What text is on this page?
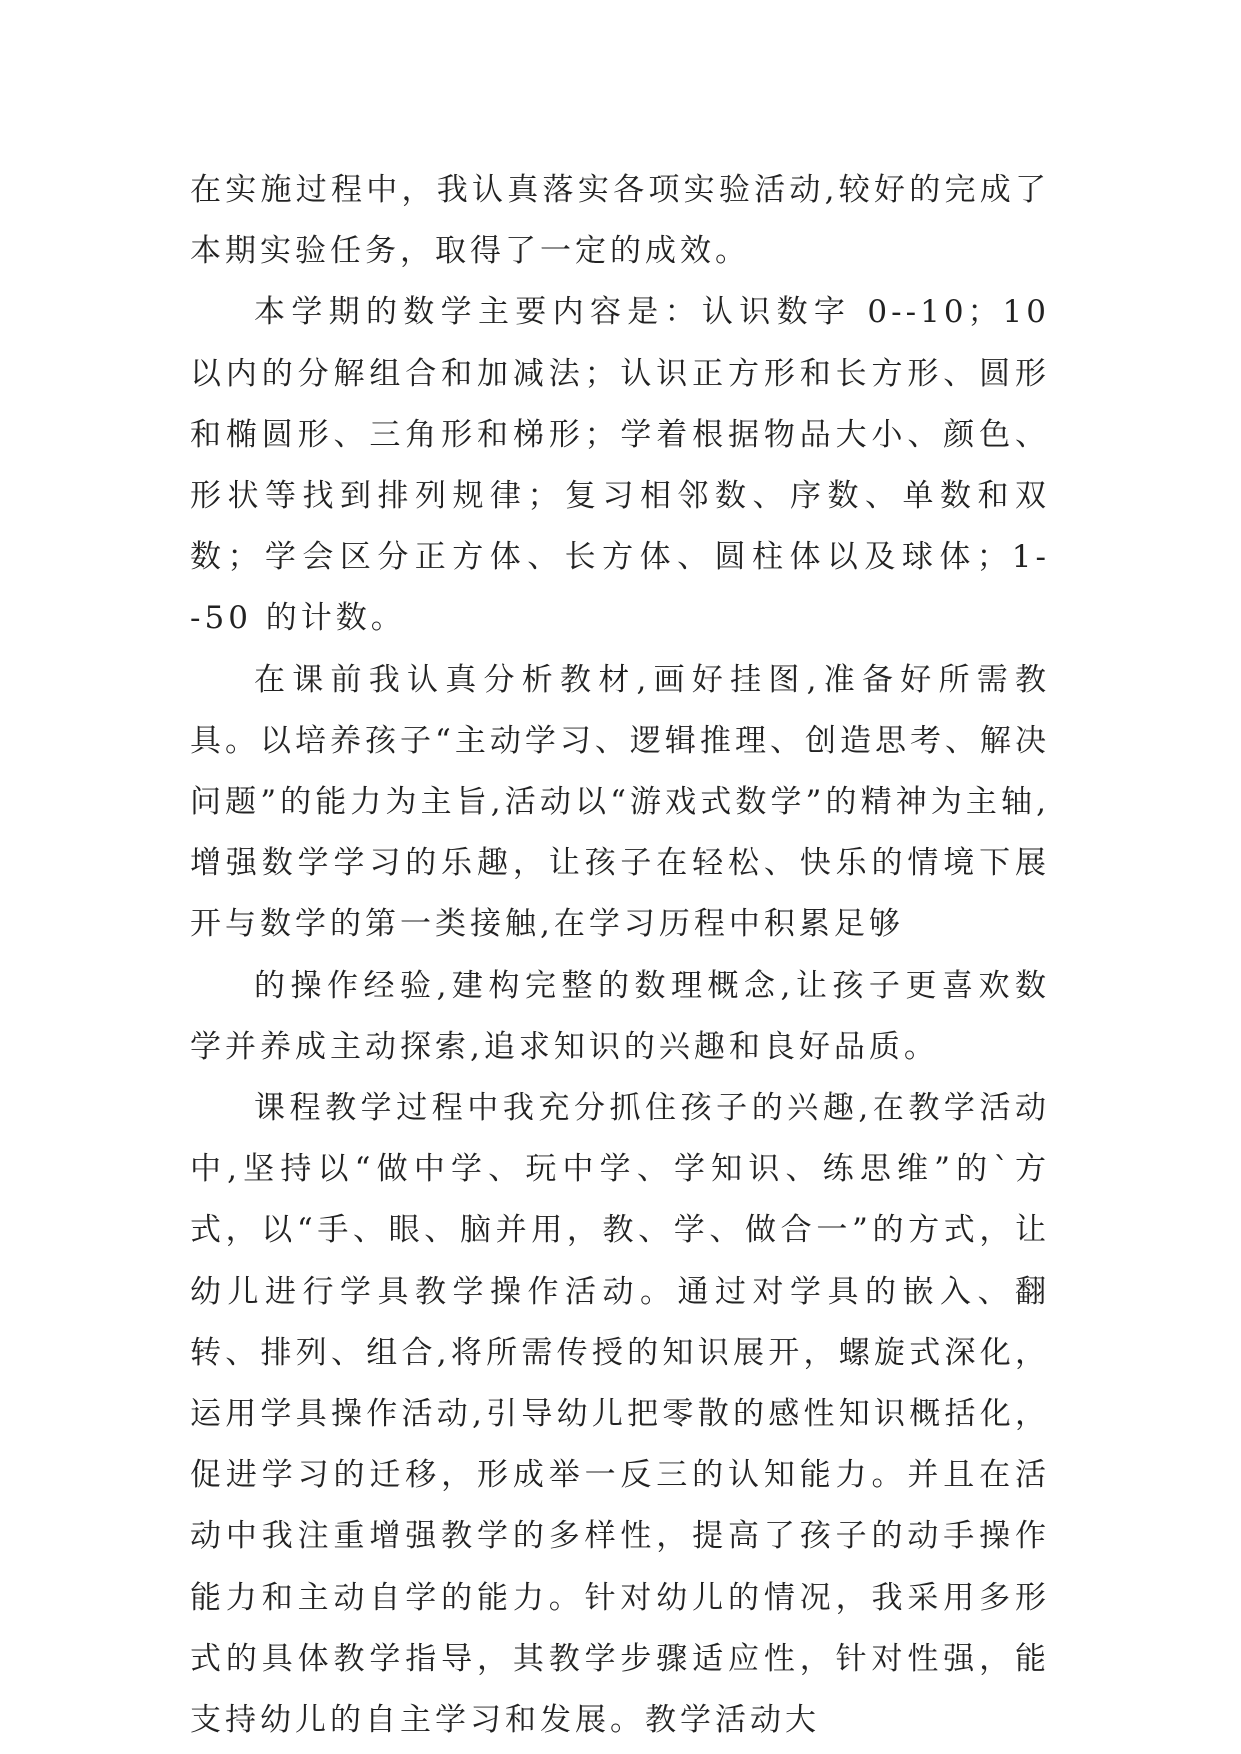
在实施过程中，我认真落实各项实验活动,较好的完成了本期实验任务，取得了一定的成效。

本学期的数学主要内容是：认识数字 0--10；10 以内的分解组合和加减法；认识正方形和长方形、圆形和椭圆形、三角形和梯形；学着根据物品大小、颜色、形状等找到排列规律；复习相邻数、序数、单数和双数；学会区分正方体、长方体、圆柱体以及球体；1--50 的计数。

在课前我认真分析教材,画好挂图,准备好所需教具。以培养孩子“主动学习、逻辑推理、创造思考、解决问题”的能力为主旨,活动以“游戏式数学”的精神为主轴,增强数学学习的乐趣，让孩子在轻松、快乐的情境下展开与数学的第一类接触,在学习历程中积累足够

的操作经验,建构完整的数理概念,让孩子更喜欢数学并养成主动探索,追求知识的兴趣和良好品质。

课程教学过程中我充分抓住孩子的兴趣,在教学活动中,坚持以“做中学、玩中学、学知识、练思维”的`方式，以“手、眼、脑并用，教、学、做合一”的方式，让幼儿进行学具教学操作活动。通过对学具的嵌入、翻转、排列、组合,将所需传授的知识展开，螺旋式深化，运用学具操作活动,引导幼儿把零散的感性知识概括化，促进学习的迁移，形成举一反三的认知能力。并且在活动中我注重增强教学的多样性，提高了孩子的动手操作能力和主动自学的能力。针对幼儿的情况，我采用多形式的具体教学指导，其教学步骤适应性，针对性强，能支持幼儿的自主学习和发展。教学活动大
